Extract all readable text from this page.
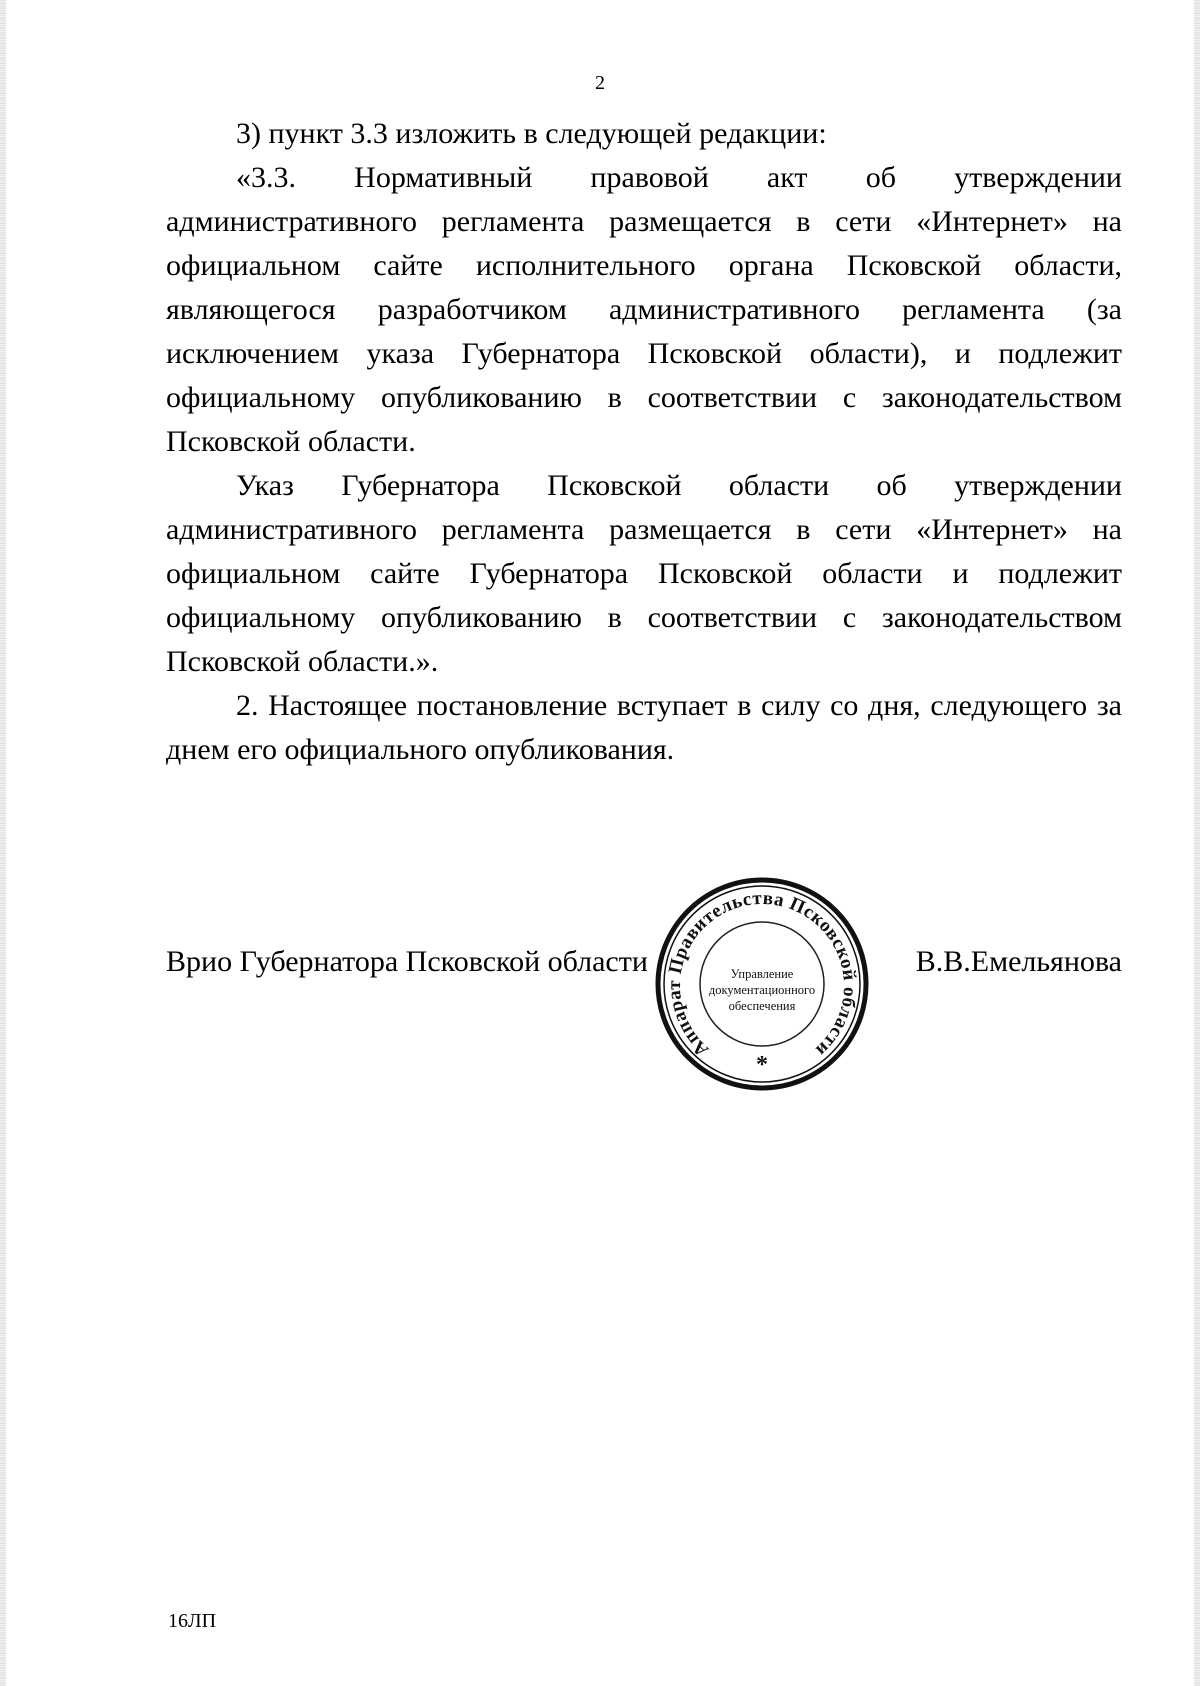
2

3) пункт 3.3 изложить в следующей редакции:

«3.3. Нормативный правовой акт об утверждении административного регламента размещается в сети «Интернет» на официальном сайте исполнительного органа Псковской области, являющегося разработчиком административного регламента (за исключением указа Губернатора Псковской области), и подлежит официальному опубликованию в соответствии с законодательством Псковской области.

Указ Губернатора Псковской области об утверждении административного регламента размещается в сети «Интернет» на официальном сайте Губернатора Псковской области и подлежит официальному опубликованию в соответствии с законодательством Псковской области.».

2. Настоящее постановление вступает в силу со дня, следующего за днем его официального опубликования.

Врио Губернатора Псковской области	В.В.Емельянова
Аппарат Правительства Псковской области
Управление
документационного
обеспечения
*
16ЛП
